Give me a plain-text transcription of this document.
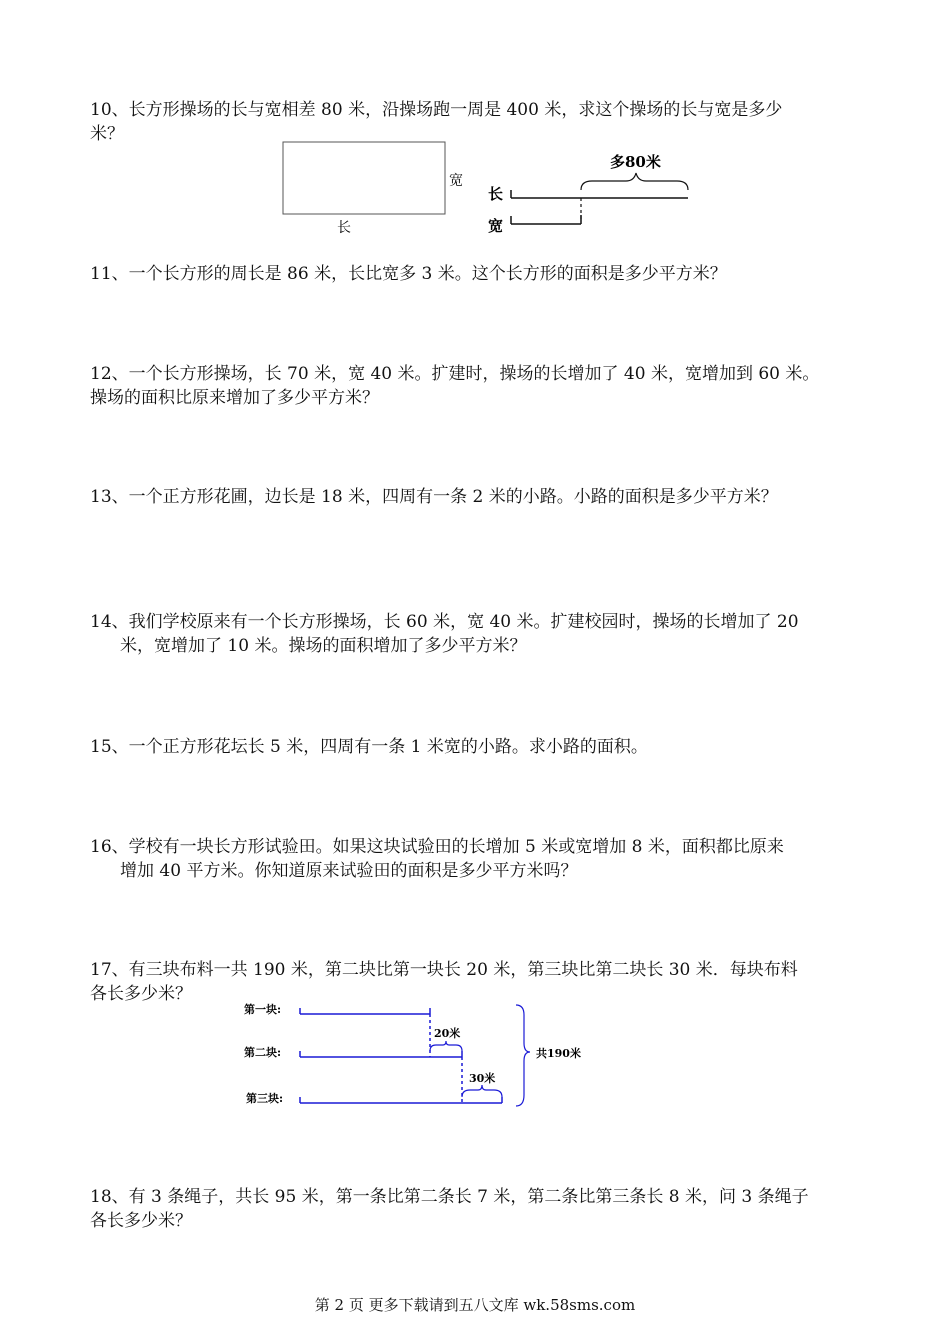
10、长方形操场的长与宽相差 80 米，沿操场跑一周是 400 米，求这个操场的长与宽是多少
米？
长
宽
长
宽
多80米
11、一个长方形的周长是 86 米，长比宽多 3 米。这个长方形的面积是多少平方米？
12、一个长方形操场，长 70 米，宽 40 米。扩建时，操场的长增加了 40 米，宽增加到 60 米。
操场的面积比原来增加了多少平方米？
13、一个正方形花圃，边长是 18 米，四周有一条 2 米的小路。小路的面积是多少平方米？
14、我们学校原来有一个长方形操场，长 60 米，宽 40 米。扩建校园时，操场的长增加了 20
米，宽增加了 10 米。操场的面积增加了多少平方米？
15、一个正方形花坛长 5 米，四周有一条 1 米宽的小路。求小路的面积。
16、学校有一块长方形试验田。如果这块试验田的长增加 5 米或宽增加 8 米，面积都比原来
增加 40 平方米。你知道原来试验田的面积是多少平方米吗？
17、有三块布料一共 190 米，第二块比第一块长 20 米，第三块比第二块长 30 米．每块布料
各长多少米？
第一块:
第二块:
第三块:
20米
30米
共190米
18、有 3 条绳子，共长 95 米，第一条比第二条长 7 米，第二条比第三条长 8 米，问 3 条绳子
各长多少米？
第 2 页 更多下载请到五八文库 wk.58sms.com
